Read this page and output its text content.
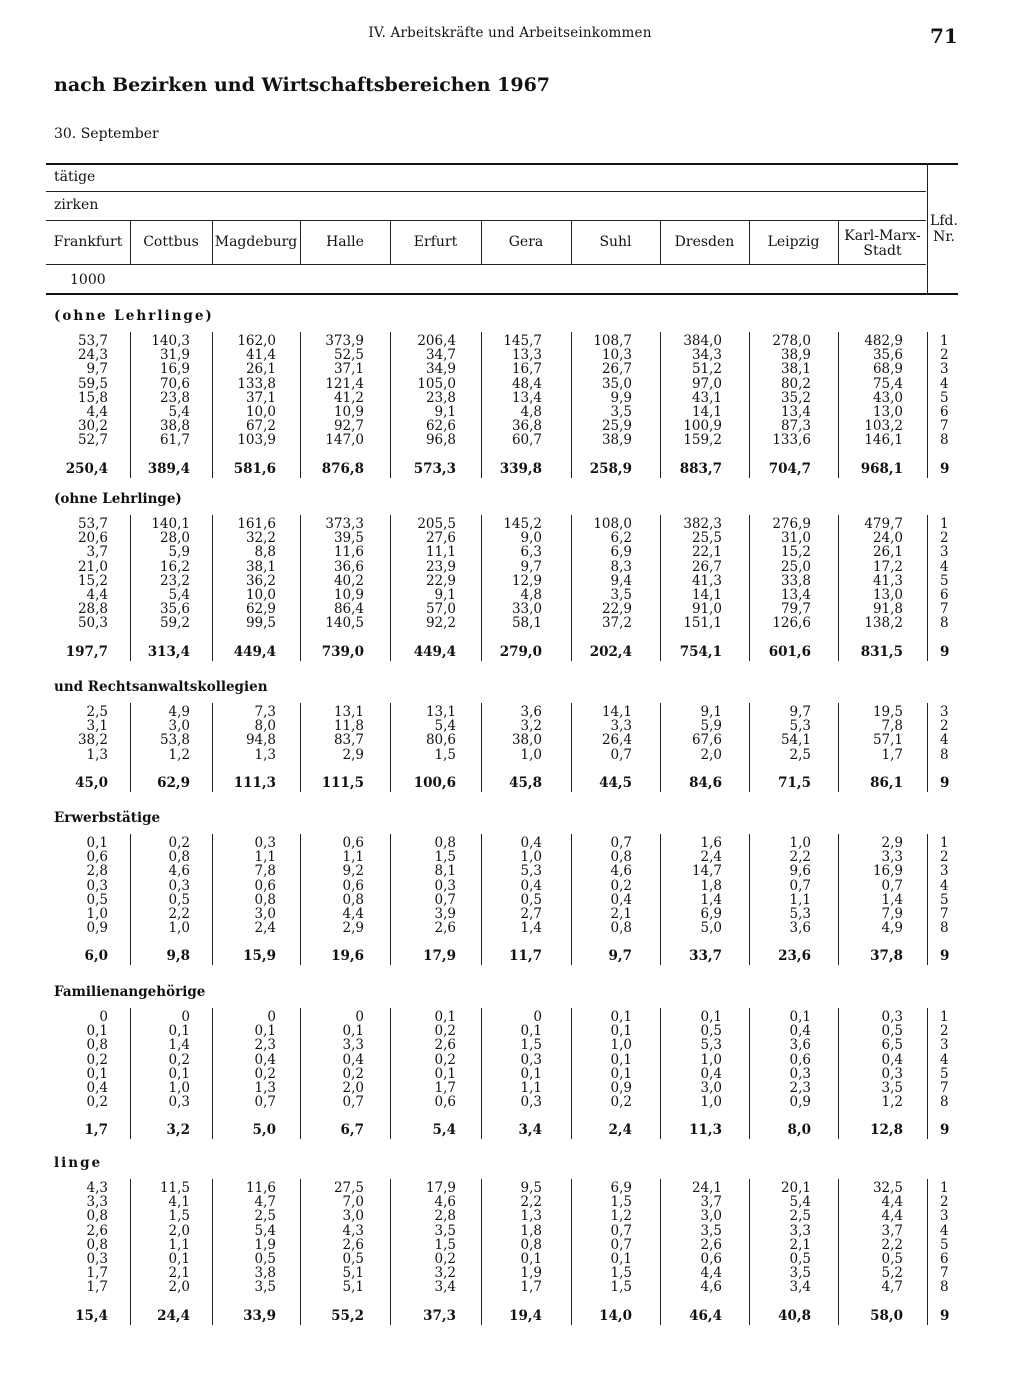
IV. Arbeitskräfte und Arbeitseinkommen	71
nach Bezirken und Wirtschaftsbereichen 1967
30. September
tätige
zirken
1000
Lfd. Nr.
Frankfurt	Cottbus	Magdeburg	Halle	Erfurt	Gera	Suhl	Dresden	Leipzig	Karl-Marx-Stadt
(ohne Lehrlinge)
53,7	140,3	162,0	373,9	206,4	145,7	108,7	384,0	278,0	482,9	1
24,3	31,9	41,4	52,5	34,7	13,3	10,3	34,3	38,9	35,6	2
9,7	16,9	26,1	37,1	34,9	16,7	26,7	51,2	38,1	68,9	3
59,5	70,6	133,8	121,4	105,0	48,4	35,0	97,0	80,2	75,4	4
15,8	23,8	37,1	41,2	23,8	13,4	9,9	43,1	35,2	43,0	5
4,4	5,4	10,0	10,9	9,1	4,8	3,5	14,1	13,4	13,0	6
30,2	38,8	67,2	92,7	62,6	36,8	25,9	100,9	87,3	103,2	7
52,7	61,7	103,9	147,0	96,8	60,7	38,9	159,2	133,6	146,1	8
250,4	389,4	581,6	876,8	573,3	339,8	258,9	883,7	704,7	968,1	9
(ohne Lehrlinge)
53,7	140,1	161,6	373,3	205,5	145,2	108,0	382,3	276,9	479,7	1
20,6	28,0	32,2	39,5	27,6	9,0	6,2	25,5	31,0	24,0	2
3,7	5,9	8,8	11,6	11,1	6,3	6,9	22,1	15,2	26,1	3
21,0	16,2	38,1	36,6	23,9	9,7	8,3	26,7	25,0	17,2	4
15,2	23,2	36,2	40,2	22,9	12,9	9,4	41,3	33,8	41,3	5
4,4	5,4	10,0	10,9	9,1	4,8	3,5	14,1	13,4	13,0	6
28,8	35,6	62,9	86,4	57,0	33,0	22,9	91,0	79,7	91,8	7
50,3	59,2	99,5	140,5	92,2	58,1	37,2	151,1	126,6	138,2	8
197,7	313,4	449,4	739,0	449,4	279,0	202,4	754,1	601,6	831,5	9
und Rechtsanwaltskollegien
2,5	4,9	7,3	13,1	13,1	3,6	14,1	9,1	9,7	19,5	3
3,1	3,0	8,0	11,8	5,4	3,2	3,3	5,9	5,3	7,8	2
38,2	53,8	94,8	83,7	80,6	38,0	26,4	67,6	54,1	57,1	4
1,3	1,2	1,3	2,9	1,5	1,0	0,7	2,0	2,5	1,7	8
45,0	62,9	111,3	111,5	100,6	45,8	44,5	84,6	71,5	86,1	9
Erwerbstätige
0,1	0,2	0,3	0,6	0,8	0,4	0,7	1,6	1,0	2,9	1
0,6	0,8	1,1	1,1	1,5	1,0	0,8	2,4	2,2	3,3	2
2,8	4,6	7,8	9,2	8,1	5,3	4,6	14,7	9,6	16,9	3
0,3	0,3	0,6	0,6	0,3	0,4	0,2	1,8	0,7	0,7	4
0,5	0,5	0,8	0,8	0,7	0,5	0,4	1,4	1,1	1,4	5
1,0	2,2	3,0	4,4	3,9	2,7	2,1	6,9	5,3	7,9	7
0,9	1,0	2,4	2,9	2,6	1,4	0,8	5,0	3,6	4,9	8
6,0	9,8	15,9	19,6	17,9	11,7	9,7	33,7	23,6	37,8	9
Familienangehörige
0	0	0	0	0,1	0	0,1	0,1	0,1	0,3	1
0,1	0,1	0,1	0,1	0,2	0,1	0,1	0,5	0,4	0,5	2
0,8	1,4	2,3	3,3	2,6	1,5	1,0	5,3	3,6	6,5	3
0,2	0,2	0,4	0,4	0,2	0,3	0,1	1,0	0,6	0,4	4
0,1	0,1	0,2	0,2	0,1	0,1	0,1	0,4	0,3	0,3	5
0,4	1,0	1,3	2,0	1,7	1,1	0,9	3,0	2,3	3,5	7
0,2	0,3	0,7	0,7	0,6	0,3	0,2	1,0	0,9	1,2	8
1,7	3,2	5,0	6,7	5,4	3,4	2,4	11,3	8,0	12,8	9
linge
4,3	11,5	11,6	27,5	17,9	9,5	6,9	24,1	20,1	32,5	1
3,3	4,1	4,7	7,0	4,6	2,2	1,5	3,7	5,4	4,4	2
0,8	1,5	2,5	3,0	2,8	1,3	1,2	3,0	2,5	4,4	3
2,6	2,0	5,4	4,3	3,5	1,8	0,7	3,5	3,3	3,7	4
0,8	1,1	1,9	2,6	1,5	0,8	0,7	2,6	2,1	2,2	5
0,3	0,1	0,5	0,5	0,2	0,1	0,1	0,6	0,5	0,5	6
1,7	2,1	3,8	5,1	3,2	1,9	1,5	4,4	3,5	5,2	7
1,7	2,0	3,5	5,1	3,4	1,7	1,5	4,6	3,4	4,7	8
15,4	24,4	33,9	55,2	37,3	19,4	14,0	46,4	40,8	58,0	9
